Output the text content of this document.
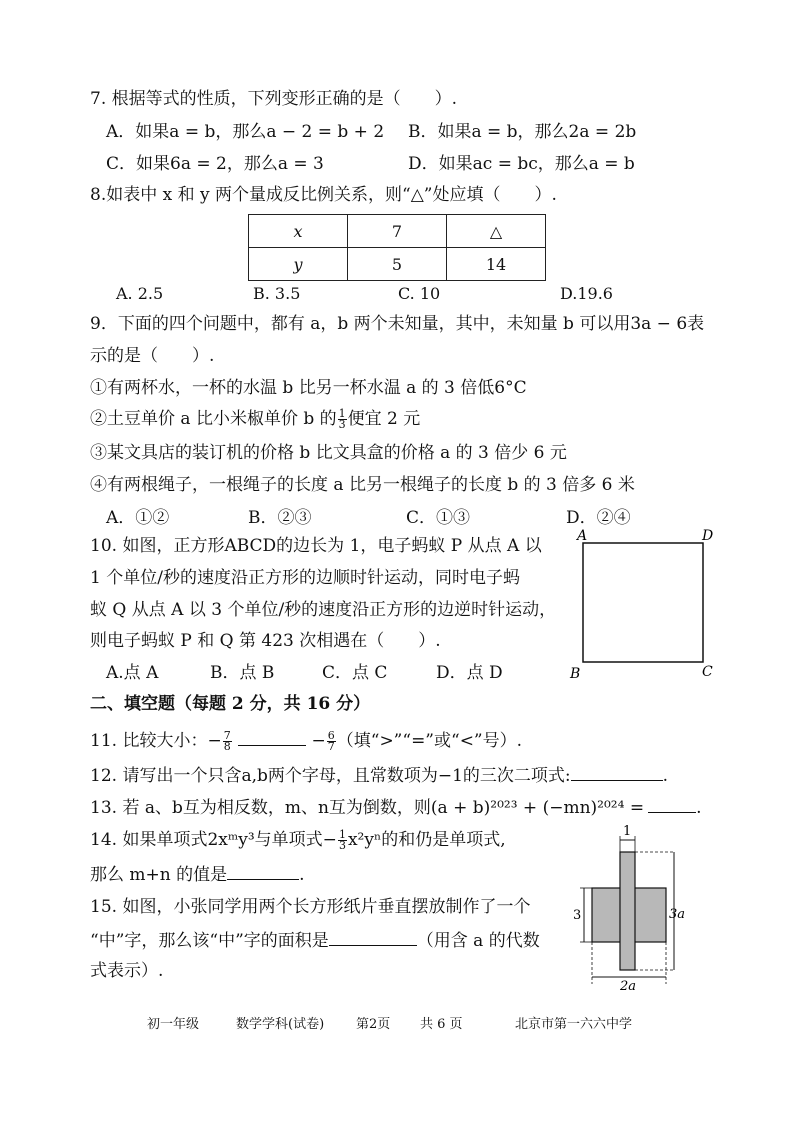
7. 根据等式的性质，下列变形正确的是（　　）.
A．如果a = b，那么a − 2 = b + 2 B．如果a = b，那么2a = 2b
C．如果6a = 2，那么a = 3	D．如果ac = bc，那么a = b
8.如表中 x 和 y 两个量成反比例关系，则“△”处应填（　　）.
x	7	△
y	5	14
A. 2.5	B. 3.5	C. 10	D.19.6
9．下面的四个问题中，都有 a，b 两个未知量，其中，未知量 b 可以用3a − 6表
示的是（　　）.
①有两杯水，一杯的水温 b 比另一杯水温 a 的 3 倍低6°C
②土豆单价 a 比小米椒单价 b 的 $\frac{1}{3}$ 便宜 2 元
③某文具店的装订机的价格 b 比文具盒的价格 a 的 3 倍少 6 元
④有两根绳子，一根绳子的长度 a 比另一根绳子的长度 b 的 3 倍多 6 米
A．①②	B．②③	C．①③	D．②④
10. 如图，正方形ABCD的边长为 1，电子蚂蚁 P 从点 A 以
1 个单位/秒的速度沿正方形的边顺时针运动，同时电子蚂
蚁 Q 从点 A 以 3 个单位/秒的速度沿正方形的边逆时针运动，
则电子蚂蚁 P 和 Q 第 423 次相遇在（　　）.
A.点 A	B．点 B	C．点 C	D．点 D
A	D
B	C
二、填空题（每题 2 分，共 16 分）
11. 比较大小：− $\frac{7}{8}$	− $\frac{6}{7}$ （填“>”“=”或“<”号）.
12. 请写出一个只含a,b两个字母，且常数项为−1的三次二项式:	.
13. 若 a、b互为相反数，m、n互为倒数，则(a + b)²⁰²³ + (−mn)²⁰²⁴ =	.
14. 如果单项式2xᵐy³与单项式− $\frac{1}{3} x^2y^n$的和仍是单项式,
那么 m+n 的值是	.
15. 如图，小张同学用两个长方形纸片垂直摆放制作了一个
“中”字，那么该“中”字的面积是	（用含 a 的代数
式表示）.
1
3	3a
2a
初一年级	数学学科(试卷) 第2页 共 6 页	北京市第一六六中学
